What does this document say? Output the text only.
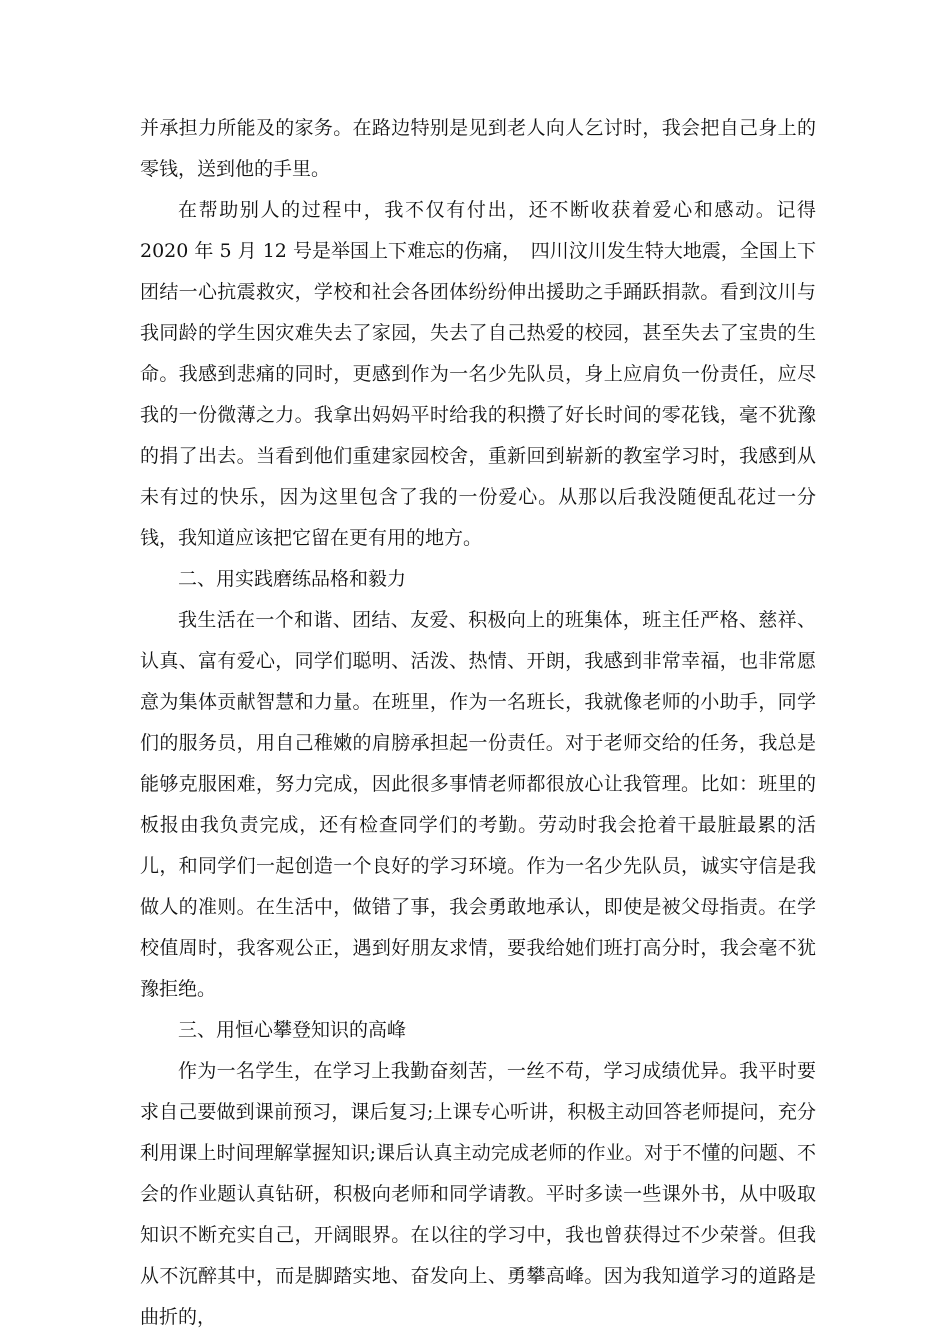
并承担力所能及的家务。在路边特别是见到老人向人乞讨时，我会把自己身上的零钱，送到他的手里。

在帮助别人的过程中，我不仅有付出，还不断收获着爱心和感动。记得 2020 年 5 月 12 号是举国上下难忘的伤痛，　四川汶川发生特大地震，全国上下团结一心抗震救灾，学校和社会各团体纷纷伸出援助之手踊跃捐款。看到汶川与我同龄的学生因灾难失去了家园，失去了自己热爱的校园，甚至失去了宝贵的生命。我感到悲痛的同时，更感到作为一名少先队员，身上应肩负一份责任，应尽我的一份微薄之力。我拿出妈妈平时给我的积攒了好长时间的零花钱，毫不犹豫的捐了出去。当看到他们重建家园校舍，重新回到崭新的教室学习时，我感到从未有过的快乐，因为这里包含了我的一份爱心。从那以后我没随便乱花过一分钱，我知道应该把它留在更有用的地方。

二、用实践磨练品格和毅力

我生活在一个和谐、团结、友爱、积极向上的班集体，班主任严格、慈祥、认真、富有爱心，同学们聪明、活泼、热情、开朗，我感到非常幸福，也非常愿意为集体贡献智慧和力量。在班里，作为一名班长，我就像老师的小助手，同学们的服务员，用自己稚嫩的肩膀承担起一份责任。对于老师交给的任务，我总是能够克服困难，努力完成，因此很多事情老师都很放心让我管理。比如：班里的板报由我负责完成，还有检查同学们的考勤。劳动时我会抢着干最脏最累的活儿，和同学们一起创造一个良好的学习环境。作为一名少先队员，诚实守信是我做人的准则。在生活中，做错了事，我会勇敢地承认，即使是被父母指责。在学校值周时，我客观公正，遇到好朋友求情，要我给她们班打高分时，我会毫不犹豫拒绝。

三、用恒心攀登知识的高峰

作为一名学生，在学习上我勤奋刻苦，一丝不苟，学习成绩优异。我平时要求自己要做到课前预习，课后复习;上课专心听讲，积极主动回答老师提问，充分利用课上时间理解掌握知识;课后认真主动完成老师的作业。对于不懂的问题、不会的作业题认真钻研，积极向老师和同学请教。平时多读一些课外书，从中吸取知识不断充实自己，开阔眼界。在以往的学习中，我也曾获得过不少荣誉。但我从不沉醉其中，而是脚踏实地、奋发向上、勇攀高峰。因为我知道学习的道路是曲折的，
